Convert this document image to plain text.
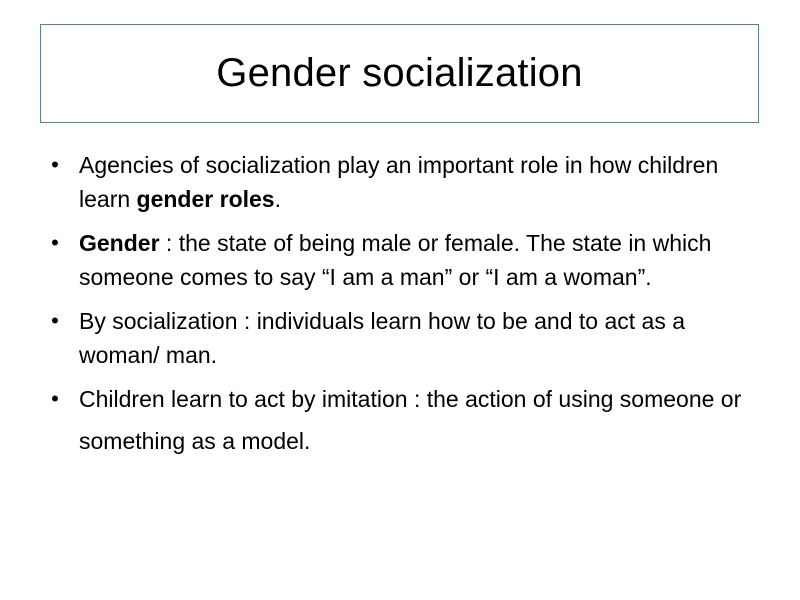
Gender socialization
• Agencies of socialization play an important role in how children learn gender roles.
• Gender : the state of being male or female. The state in which someone comes to say “I am a man” or “I am a woman”.
• By socialization : individuals learn how to be and to act as a woman/ man.
• Children learn to act by imitation : the action of using someone or something as a model.
